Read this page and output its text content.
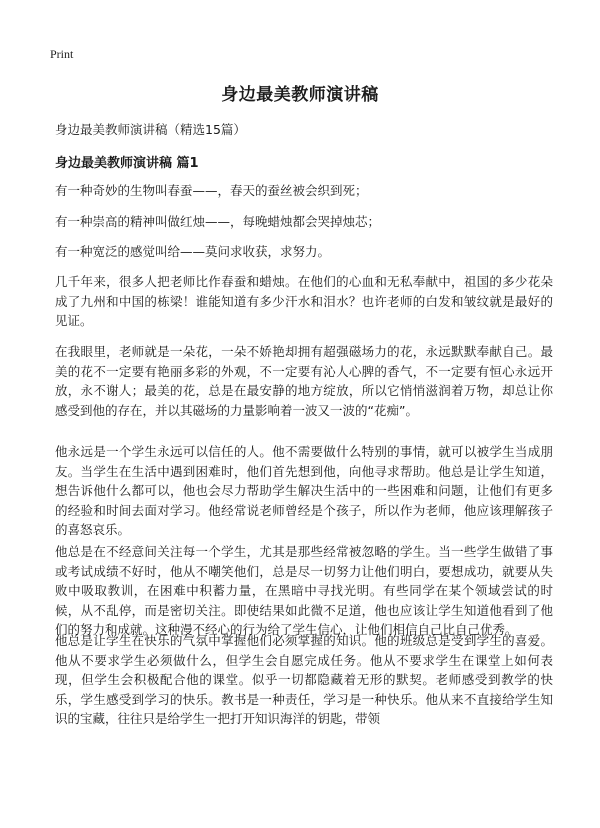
Print
身边最美教师演讲稿
身边最美教师演讲稿（精选15篇）
身边最美教师演讲稿 篇1

有一种奇妙的生物叫春蚕——，春天的蚕丝被会织到死；

有一种崇高的精神叫做红烛——，每晚蜡烛都会哭掉烛芯；

有一种宽泛的感觉叫给——莫问求收获，求努力。

几千年来，很多人把老师比作春蚕和蜡烛。在他们的心血和无私奉献中，祖国的多少花朵成了九州和中国的栋梁！谁能知道有多少汗水和泪水？也许老师的白发和皱纹就是最好的见证。

在我眼里，老师就是一朵花，一朵不娇艳却拥有超强磁场力的花，永远默默奉献自己。最美的花不一定要有艳丽多彩的外观，不一定要有沁人心脾的香气，不一定要有恒心永远开放，永不谢人；最美的花，总是在最安静的地方绽放，所以它悄悄滋润着万物，却总让你感受到他的存在，并以其磁场的力量影响着一波又一波的“花痴”。

他永远是一个学生永远可以信任的人。他不需要做什么特别的事情，就可以被学生当成朋友。当学生在生活中遇到困难时，他们首先想到他，向他寻求帮助。他总是让学生知道，想告诉他什么都可以，他也会尽力帮助学生解决生活中的一些困难和问题，让他们有更多的经验和时间去面对学习。他经常说老师曾经是个孩子，所以作为老师，他应该理解孩子的喜怒哀乐。

他总是在不经意间关注每一个学生，尤其是那些经常被忽略的学生。当一些学生做错了事或考试成绩不好时，他从不嘲笑他们，总是尽一切努力让他们明白，要想成功，就要从失败中吸取教训，在困难中积蓄力量，在黑暗中寻找光明。有些同学在某个领域尝试的时候，从不乱停，而是密切关注。即使结果如此微不足道，他也应该让学生知道他看到了他们的努力和成就。这种漫不经心的行为给了学生信心，让他们相信自己比自己优秀。

他总是让学生在快乐的气氛中掌握他们必须掌握的知识。他的班级总是受到学生的喜爱。他从不要求学生必须做什么，但学生会自愿完成任务。他从不要求学生在课堂上如何表现，但学生会积极配合他的课堂。似乎一切都隐藏着无形的默契。老师感受到教学的快乐，学生感受到学习的快乐。教书是一种责任，学习是一种快乐。他从来不直接给学生知识的宝藏，往往只是给学生一把打开知识海洋的钥匙，带领
